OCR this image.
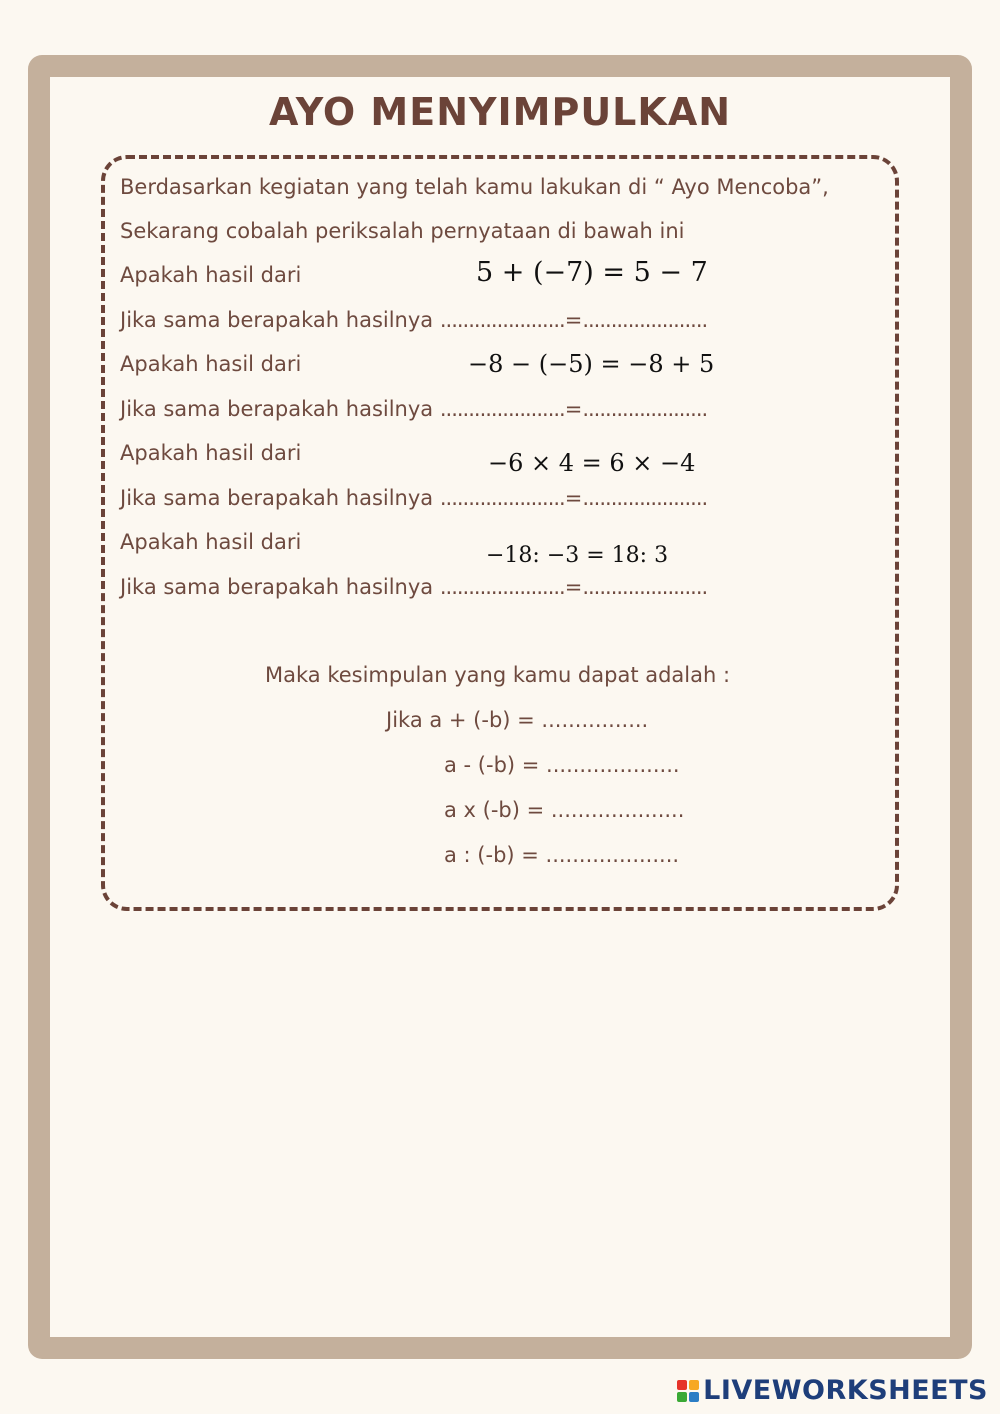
AYO MENYIMPULKAN
Berdasarkan kegiatan yang telah kamu lakukan di “ Ayo Mencoba”,
Sekarang cobalah periksalah pernyataan di bawah ini
Apakah hasil dari	5 + (−7) = 5 − 7
Jika sama berapakah hasilnya ......................=......................
Apakah hasil dari	−8 − (−5) = −8 + 5
Jika sama berapakah hasilnya ......................=......................
Apakah hasil dari	−6 × 4 = 6 × −4
Jika sama berapakah hasilnya ......................=......................
Apakah hasil dari
−18: −3 = 18: 3
Jika sama berapakah hasilnya ......................=......................
Maka kesimpulan yang kamu dapat adalah :
Jika a + (-b) = ................
a - (-b) = ....................
a x (-b) = ....................
a : (-b) = ....................
LIVEWORKSHEETS
